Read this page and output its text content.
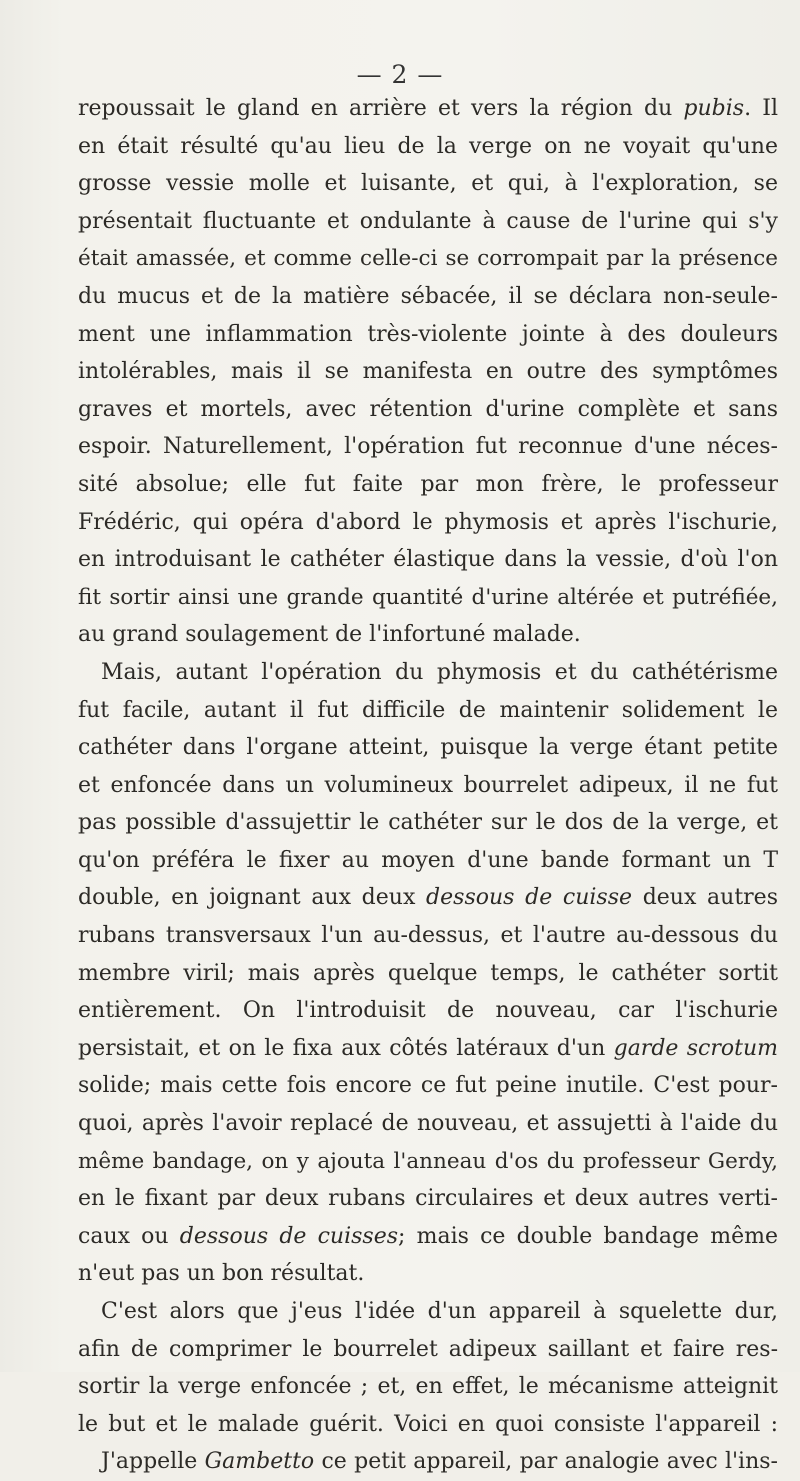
— 2 —
repoussait le gland en arrière et vers la région du pubis. Il
en était résulté qu'au lieu de la verge on ne voyait qu'une
grosse vessie molle et luisante, et qui, à l'exploration, se
présentait fluctuante et ondulante à cause de l'urine qui s'y
était amassée, et comme celle-ci se corrompait par la présence
du mucus et de la matière sébacée, il se déclara non-seule-
ment une inflammation très-violente jointe à des douleurs
intolérables, mais il se manifesta en outre des symptômes
graves et mortels, avec rétention d'urine complète et sans
espoir. Naturellement, l'opération fut reconnue d'une néces-
sité absolue; elle fut faite par mon frère, le professeur
Frédéric, qui opéra d'abord le phymosis et après l'ischurie,
en introduisant le cathéter élastique dans la vessie, d'où l'on
fit sortir ainsi une grande quantité d'urine altérée et putréfiée,
au grand soulagement de l'infortuné malade.
Mais, autant l'opération du phymosis et du cathétérisme
fut facile, autant il fut difficile de maintenir solidement le
cathéter dans l'organe atteint, puisque la verge étant petite
et enfoncée dans un volumineux bourrelet adipeux, il ne fut
pas possible d'assujettir le cathéter sur le dos de la verge, et
qu'on préféra le fixer au moyen d'une bande formant un T
double, en joignant aux deux dessous de cuisse deux autres
rubans transversaux l'un au-dessus, et l'autre au-dessous du
membre viril; mais après quelque temps, le cathéter sortit
entièrement. On l'introduisit de nouveau, car l'ischurie
persistait, et on le fixa aux côtés latéraux d'un garde scrotum
solide; mais cette fois encore ce fut peine inutile. C'est pour-
quoi, après l'avoir replacé de nouveau, et assujetti à l'aide du
même bandage, on y ajouta l'anneau d'os du professeur Gerdy,
en le fixant par deux rubans circulaires et deux autres verti-
caux ou dessous de cuisses; mais ce double bandage même
n'eut pas un bon résultat.
C'est alors que j'eus l'idée d'un appareil à squelette dur,
afin de comprimer le bourrelet adipeux saillant et faire res-
sortir la verge enfoncée ; et, en effet, le mécanisme atteignit
le but et le malade guérit. Voici en quoi consiste l'appareil :
J'appelle Gambetto ce petit appareil, par analogie avec l'ins-
